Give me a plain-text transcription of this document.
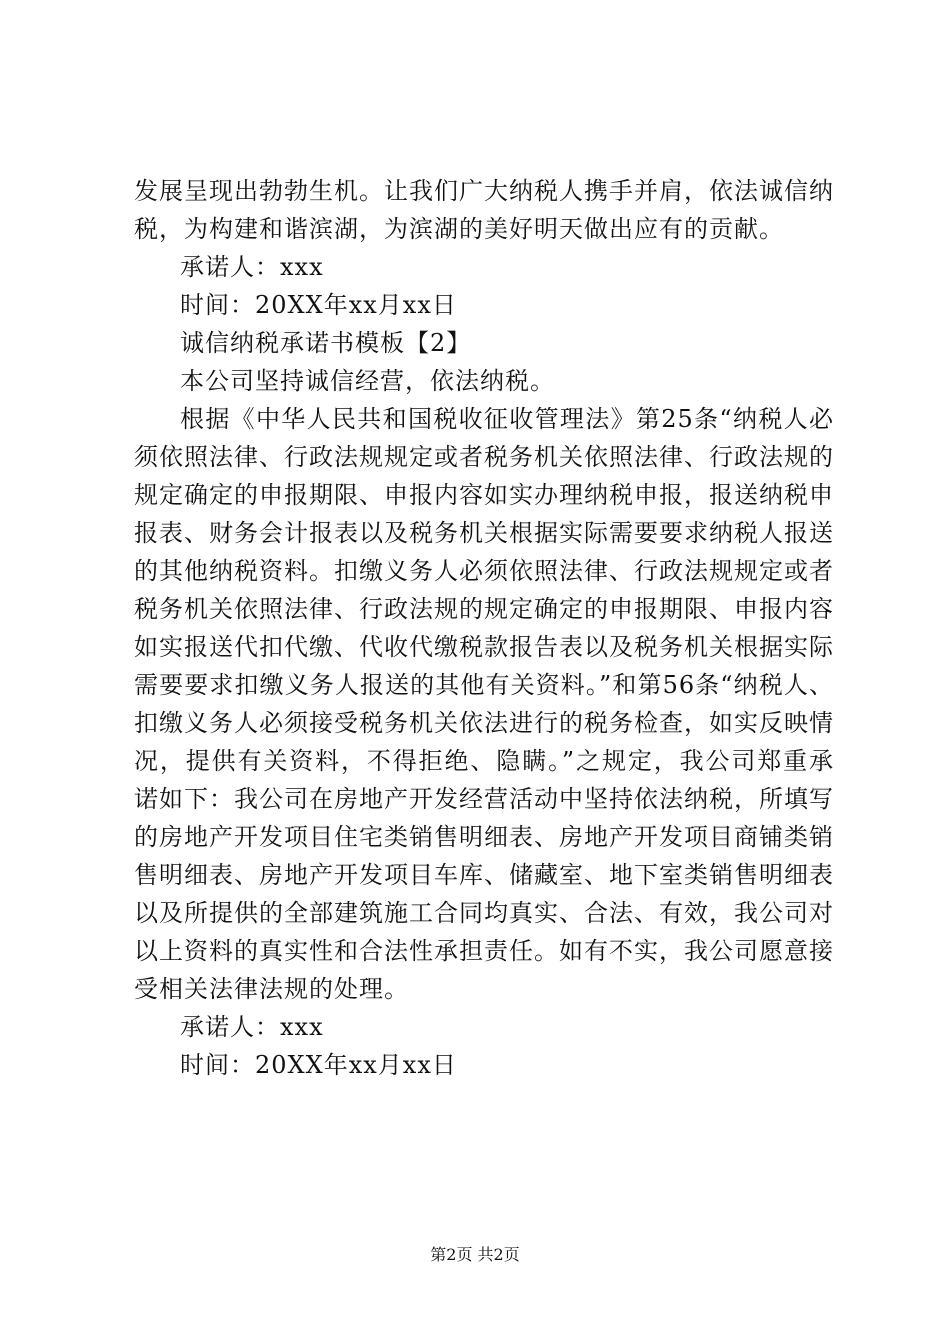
发展呈现出勃勃生机。让我们广大纳税人携手并肩，依法诚信纳税，为构建和谐滨湖，为滨湖的美好明天做出应有的贡献。

承诺人：xxx

时间：20XX年xx月xx日

诚信纳税承诺书模板【2】

本公司坚持诚信经营，依法纳税。

根据《中华人民共和国税收征收管理法》第25条“纳税人必须依照法律、行政法规规定或者税务机关依照法律、行政法规的规定确定的申报期限、申报内容如实办理纳税申报，报送纳税申报表、财务会计报表以及税务机关根据实际需要要求纳税人报送的其他纳税资料。扣缴义务人必须依照法律、行政法规规定或者税务机关依照法律、行政法规的规定确定的申报期限、申报内容如实报送代扣代缴、代收代缴税款报告表以及税务机关根据实际需要要求扣缴义务人报送的其他有关资料。”和第56条“纳税人、扣缴义务人必须接受税务机关依法进行的税务检查，如实反映情况，提供有关资料，不得拒绝、隐瞒。”之规定，我公司郑重承诺如下：我公司在房地产开发经营活动中坚持依法纳税，所填写的房地产开发项目住宅类销售明细表、房地产开发项目商铺类销售明细表、房地产开发项目车库、储藏室、地下室类销售明细表以及所提供的全部建筑施工合同均真实、合法、有效，我公司对以上资料的真实性和合法性承担责任。如有不实，我公司愿意接受相关法律法规的处理。

承诺人：xxx

时间：20XX年xx月xx日

第2页 共2页
